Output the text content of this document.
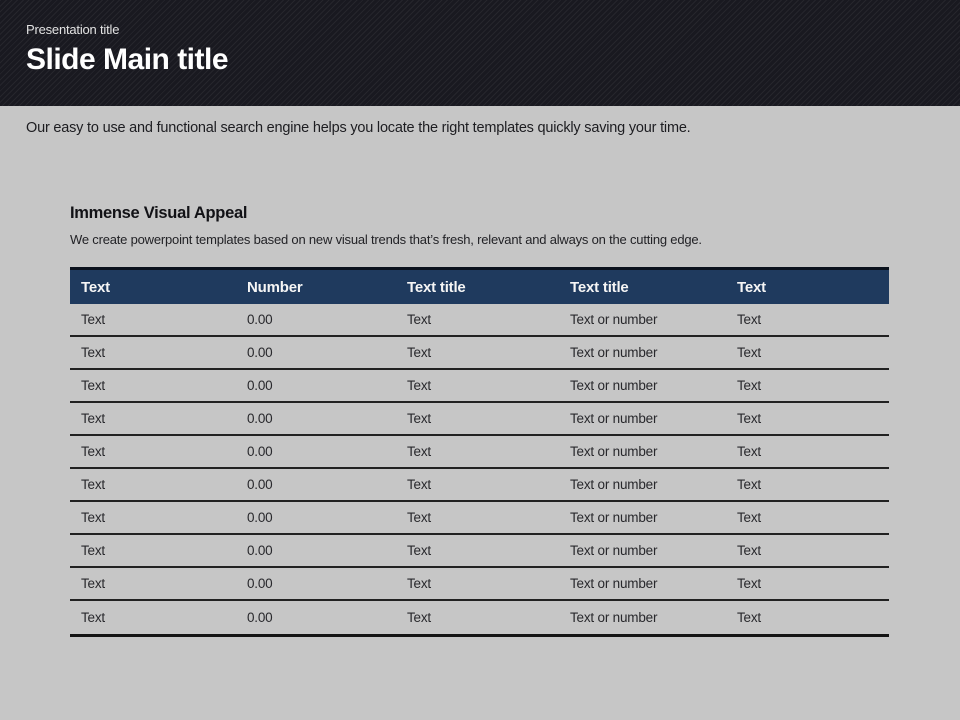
Presentation title
Slide Main title

Our easy to use and functional search engine helps you locate the right templates quickly saving your time.

Immense Visual Appeal

We create powerpoint templates based on new visual trends that’s fresh, relevant and always on the cutting edge.

Text	Number	Text title	Text title	Text
Text	0.00	Text	Text or number	Text
Text	0.00	Text	Text or number	Text
Text	0.00	Text	Text or number	Text
Text	0.00	Text	Text or number	Text
Text	0.00	Text	Text or number	Text
Text	0.00	Text	Text or number	Text
Text	0.00	Text	Text or number	Text
Text	0.00	Text	Text or number	Text
Text	0.00	Text	Text or number	Text
Text	0.00	Text	Text or number	Text
